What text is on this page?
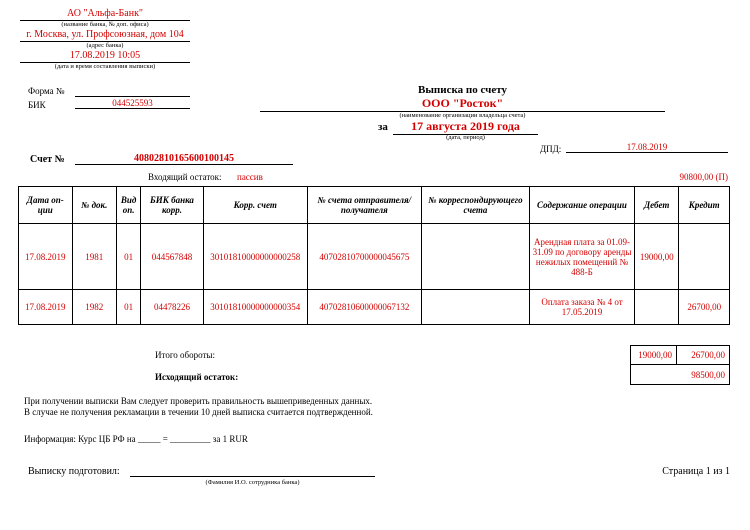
АО "Альфа-Банк"
(название банка, № доп. офиса)
г. Москва, ул. Профсоюзная, дом 104
(адрес банка)
17.08.2019 10:05
(дата и время составления выписки)
Форма №
БИК	044525593
Выписка по счету
ООО "Росток"
(наименование организации владельца счета)
за	17 августа 2019 года
(дата, период)
ДПД:	17.08.2019
Счет №	40802810165600100145
Входящий остаток: пассив	90800,00 (П)
Дата оп-ции	№ док.	Вид оп.	БИК банка корр.	Корр. счет	№ счета отправителя/ получателя	№ корреспондирующего счета	Содержание операции	Дебет	Кредит
17.08.2019	1981	01	044567848	30101810000000000258	40702810700000045675		Арендная плата за 01.09-31.09 по договору аренды нежилых помещений № 488-Б	19000,00	
17.08.2019	1982	01	04478226	30101810000000000354	40702810600000067132		Оплата заказа № 4 от 17.05.2019		26700,00
Итого обороты:	19000,00	26700,00
Исходящий остаток:	98500,00
При получении выписки Вам следует проверить правильность вышеприведенных данных.
В случае не получения рекламации в течении 10 дней выписка считается подтвержденной.
Информация: Курс ЦБ РФ на _____ = _________ за 1 RUR
Выписку подготовил:
(Фамилия И.О. сотрудника банка)
Страница 1 из 1
